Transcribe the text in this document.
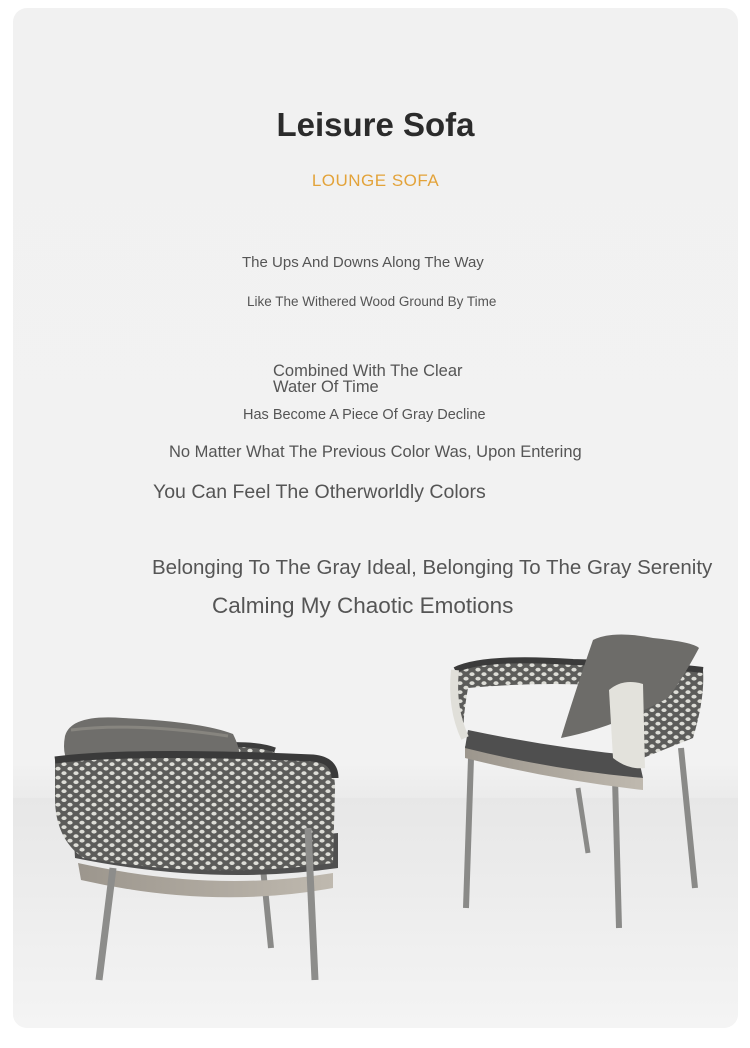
Leisure Sofa
LOUNGE SOFA
The Ups And Downs Along The Way
Like The Withered Wood Ground By Time
Combined With The Clear Water Of Time
Has Become A Piece Of Gray Decline
No Matter What The Previous Color Was, Upon Entering
You Can Feel The Otherworldly Colors
Belonging To The Gray Ideal, Belonging To The Gray Serenity
Calming My Chaotic Emotions
